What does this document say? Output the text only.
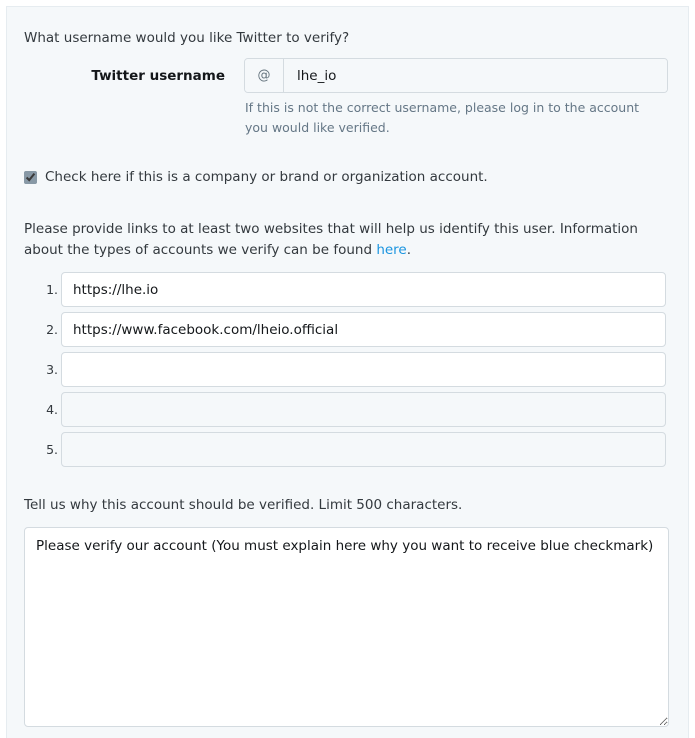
What username would you like Twitter to verify?
Twitter username	@
lhe_io
If this is not the correct username, please log in to the account you would like verified.
Check here if this is a company or brand or organization account.
Please provide links to at least two websites that will help us identify this user. Information about the types of accounts we verify can be found here.
1.
https://lhe.io
2.
https://www.facebook.com/lheio.official
3.
4.
5.
Tell us why this account should be verified. Limit 500 characters.
Please verify our account (You must explain here why you want to receive blue checkmark)
